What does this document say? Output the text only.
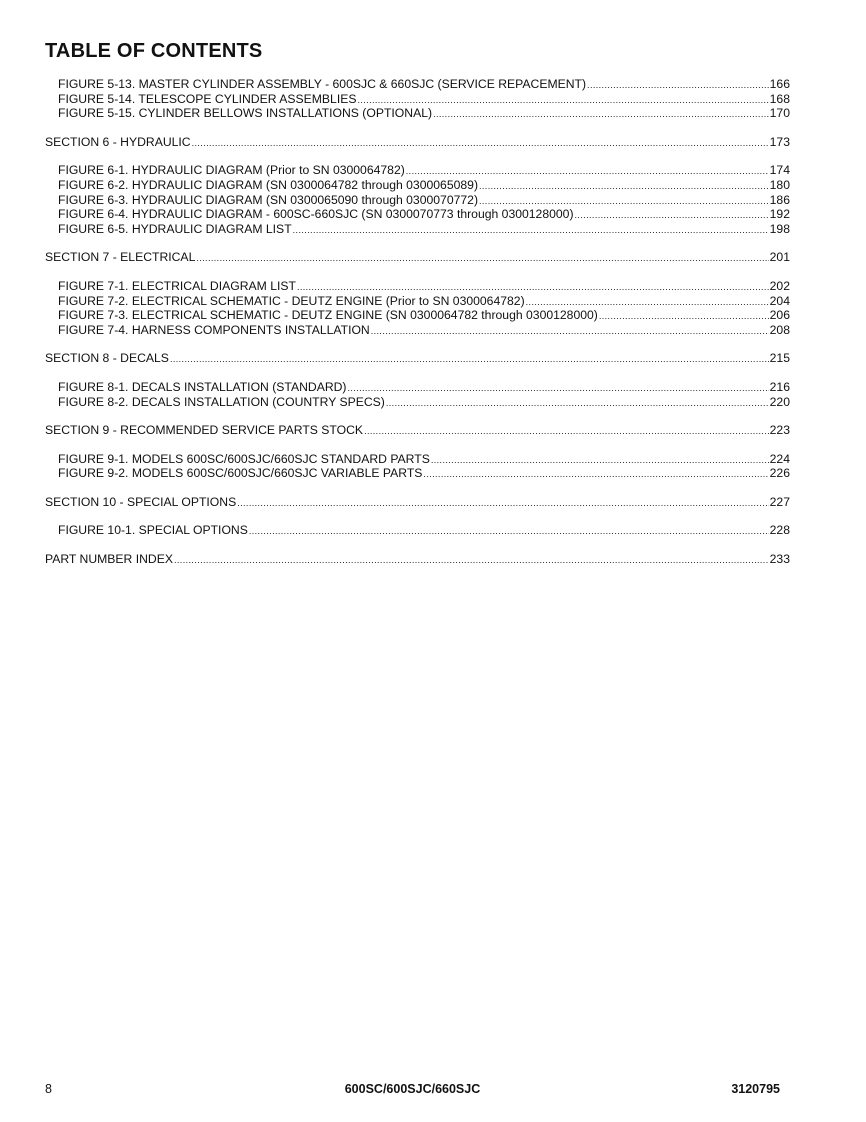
TABLE OF CONTENTS
FIGURE 5-13. MASTER CYLINDER ASSEMBLY - 600SJC & 660SJC (SERVICE REPACEMENT) .....	166
FIGURE 5-14. TELESCOPE CYLINDER ASSEMBLIES .....	168
FIGURE 5-15. CYLINDER BELLOWS INSTALLATIONS (OPTIONAL) .....	170
SECTION 6 - HYDRAULIC .....	173
FIGURE 6-1. HYDRAULIC DIAGRAM (Prior to SN 0300064782) .....	174
FIGURE 6-2. HYDRAULIC DIAGRAM (SN 0300064782 through 0300065089) .....	180
FIGURE 6-3. HYDRAULIC DIAGRAM (SN 0300065090 through 0300070772) .....	186
FIGURE 6-4. HYDRAULIC DIAGRAM - 600SC-660SJC (SN 0300070773 through 0300128000) .....	192
FIGURE 6-5. HYDRAULIC DIAGRAM LIST .....	198
SECTION 7 - ELECTRICAL .....	201
FIGURE 7-1. ELECTRICAL DIAGRAM LIST .....	202
FIGURE 7-2. ELECTRICAL SCHEMATIC - DEUTZ ENGINE (Prior to SN 0300064782) .....	204
FIGURE 7-3. ELECTRICAL SCHEMATIC - DEUTZ ENGINE (SN 0300064782 through 0300128000) .....	206
FIGURE 7-4. HARNESS COMPONENTS INSTALLATION .....	208
SECTION 8 - DECALS .....	215
FIGURE 8-1. DECALS INSTALLATION (STANDARD) .....	216
FIGURE 8-2. DECALS INSTALLATION (COUNTRY SPECS) .....	220
SECTION 9 - RECOMMENDED SERVICE PARTS STOCK .....	223
FIGURE 9-1. MODELS 600SC/600SJC/660SJC STANDARD PARTS .....	224
FIGURE 9-2. MODELS 600SC/600SJC/660SJC VARIABLE PARTS .....	226
SECTION 10 - SPECIAL OPTIONS .....	227
FIGURE 10-1. SPECIAL OPTIONS .....	228
PART NUMBER INDEX .....	233
8	600SC/600SJC/660SJC	3120795
